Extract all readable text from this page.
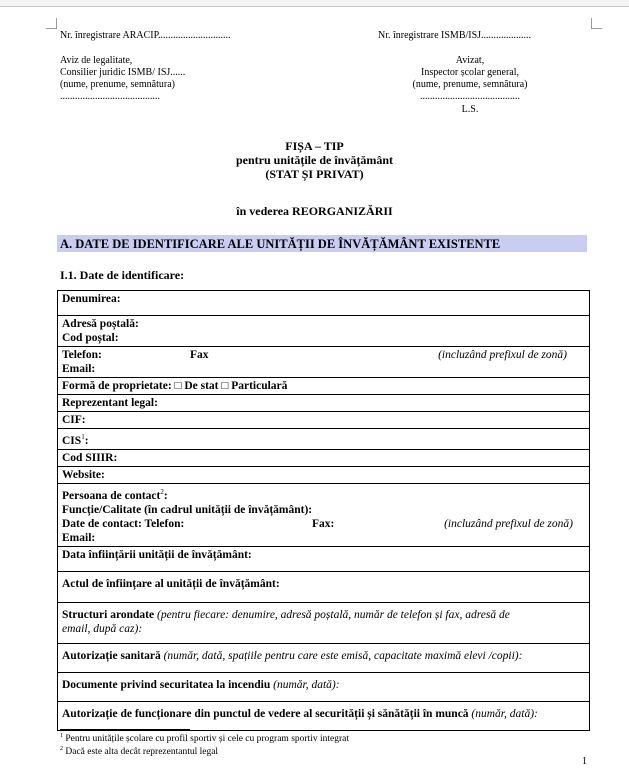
Nr. înregistrare ARACIP.............................	Nr. înregistrare ISMB/ISJ....................
Aviz de legalitate,
Consilier juridic ISMB/ ISJ......
(nume, prenume, semnătura)
........................................
Avizat,
Inspector școlar general,
(nume, prenume, semnătura)
........................................
L.S.
FIȘA – TIP
pentru unitățile de învățământ
(STAT ȘI PRIVAT)
în vederea REORGANIZĂRII
A. DATE DE IDENTIFICARE ALE UNITĂȚII DE ÎNVĂȚĂMÂNT EXISTENTE
I.1. Date de identificare:
Denumirea:

Adresă poștală:
Cod poștal:

Telefon:	Fax	(incluzând prefixul de zonă)
Email:

Formă de proprietate: □ De stat □ Particulară
Reprezentant legal:
CIF:
CIS$^1$:
Cod SIIIR:
Website:

Persoana de contact$^2$:
Funcție/Calitate (în cadrul unității de învățământ):
Date de contact: Telefon:	Fax:	(incluzând prefixul de zonă)
Email:

Data înființării unității de învățământ:
Actul de înființare al unității de învățământ:

Structuri arondate (pentru fiecare: denumire, adresă poștală, număr de telefon și fax, adresă de
email, după caz):

Autorizație sanitară (număr, dată, spațiile pentru care este emisă, capacitate maximă elevi /copii):
Documente privind securitatea la incendiu (număr, dată):
Autorizație de funcționare din punctul de vedere al securității și sănătății în muncă (număr, dată):
$^1$ Pentru unitățile școlare cu profil sportiv și cele cu program sportiv integrat
$^2$ Dacă este alta decât reprezentantul legal
1
